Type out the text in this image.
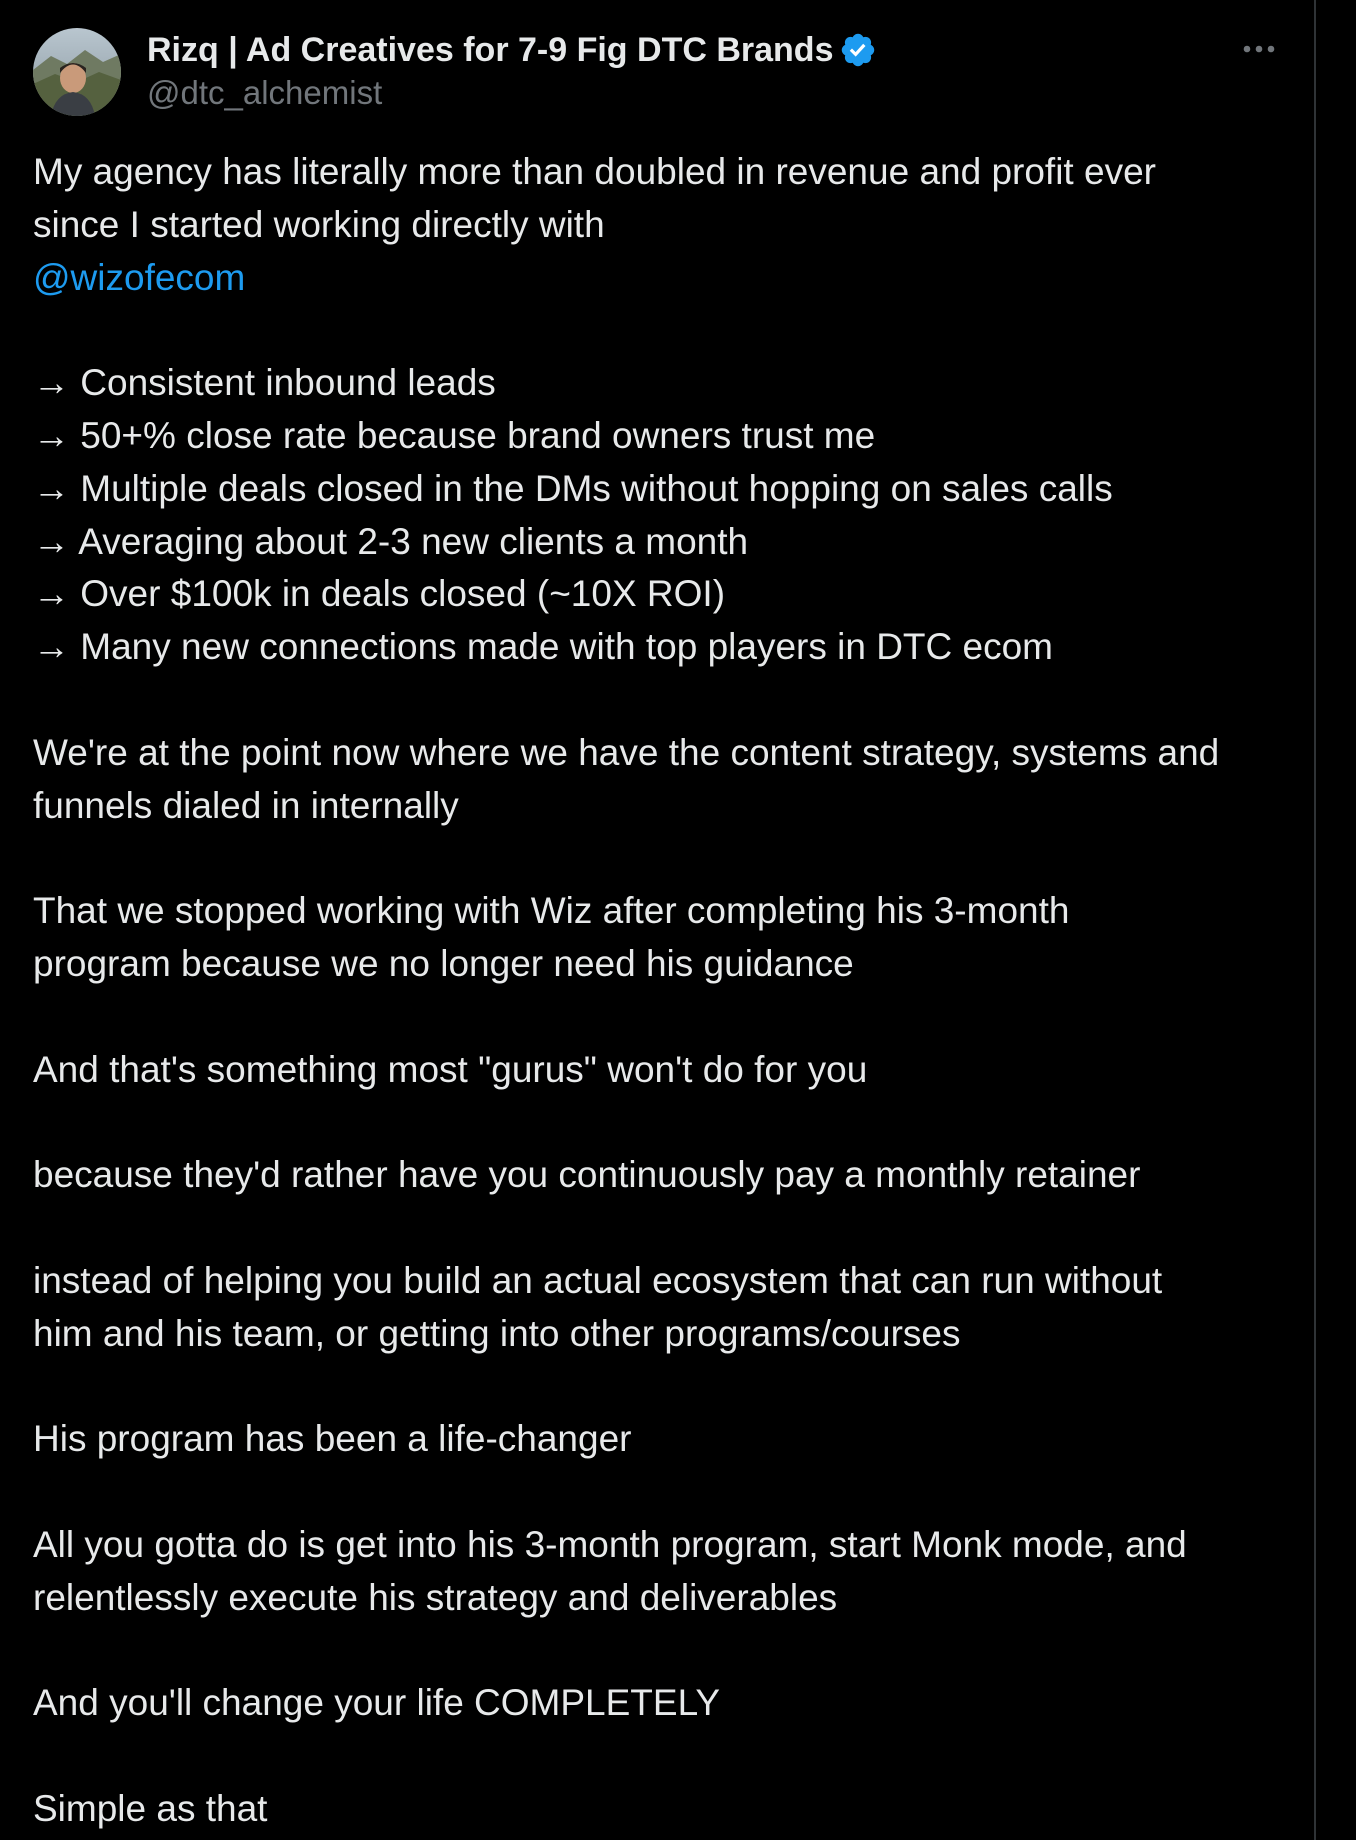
Rizq | Ad Creatives for 7-9 Fig DTC Brands
@dtc_alchemist

My agency has literally more than doubled in revenue and profit ever

since I started working directly with

@wizofecom

→ Consistent inbound leads

→ 50+% close rate because brand owners trust me

→ Multiple deals closed in the DMs without hopping on sales calls

→ Averaging about 2-3 new clients a month

→ Over $100k in deals closed (~10X ROI)

→ Many new connections made with top players in DTC ecom

We're at the point now where we have the content strategy, systems and

funnels dialed in internally

That we stopped working with Wiz after completing his 3-month

program because we no longer need his guidance

And that's something most "gurus" won't do for you

because they'd rather have you continuously pay a monthly retainer

instead of helping you build an actual ecosystem that can run without

him and his team, or getting into other programs/courses

His program has been a life-changer

All you gotta do is get into his 3-month program, start Monk mode, and

relentlessly execute his strategy and deliverables

And you'll change your life COMPLETELY

Simple as that
